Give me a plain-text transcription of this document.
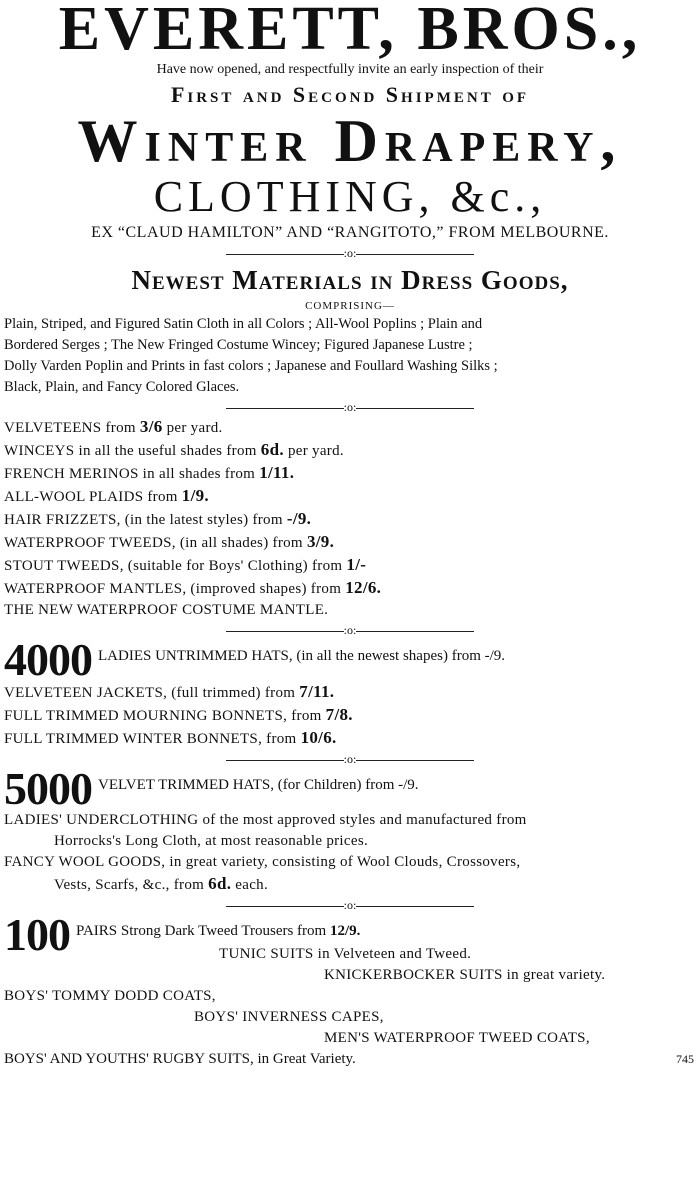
EVERETT, BROS.,
Have now opened, and respectfully invite an early inspection of their
First and Second Shipment of
Winter Drapery,
CLOTHING, &c.,
EX “CLAUD HAMILTON” AND “RANGITOTO,” FROM MELBOURNE.
:o:
Newest Materials in Dress Goods,
COMPRISING—
Plain, Striped, and Figured Satin Cloth in all Colors ; All-Wool Poplins ; Plain and
Bordered Serges ; The New Fringed Costume Wincey; Figured Japanese Lustre ;
Dolly Varden Poplin and Prints in fast colors ; Japanese and Foullard Washing Silks ;
Black, Plain, and Fancy Colored Glaces.
:o:
VELVETEENS from 3/6 per yard.
WINCEYS in all the useful shades from 6d. per yard.
FRENCH MERINOS in all shades from 1/11.
ALL-WOOL PLAIDS from 1/9.
HAIR FRIZZETS, (in the latest styles) from -/9.
WATERPROOF TWEEDS, (in all shades) from 3/9.
STOUT TWEEDS, (suitable for Boys' Clothing) from 1/-
WATERPROOF MANTLES, (improved shapes) from 12/6.
THE NEW WATERPROOF COSTUME MANTLE.
:o:
4000 LADIES UNTRIMMED HATS, (in all the newest shapes) from -/9.
VELVETEEN JACKETS, (full trimmed) from 7/11.
FULL TRIMMED MOURNING BONNETS, from 7/8.
FULL TRIMMED WINTER BONNETS, from 10/6.
:o:
5000 VELVET TRIMMED HATS, (for Children) from -/9.
LADIES' UNDERCLOTHING of the most approved styles and manufactured from
Horrocks's Long Cloth, at most reasonable prices.
FANCY WOOL GOODS, in great variety, consisting of Wool Clouds, Crossovers,
Vests, Scarfs, &c., from 6d. each.
:o:
100 PAIRS Strong Dark Tweed Trousers from 12/9.
TUNIC SUITS in Velveteen and Tweed.
KNICKERBOCKER SUITS in great variety.
BOYS' TOMMY DODD COATS,
BOYS' INVERNESS CAPES,
MEN'S WATERPROOF TWEED COATS,
BOYS' AND YOUTHS' RUGBY SUITS, in Great Variety.	745
